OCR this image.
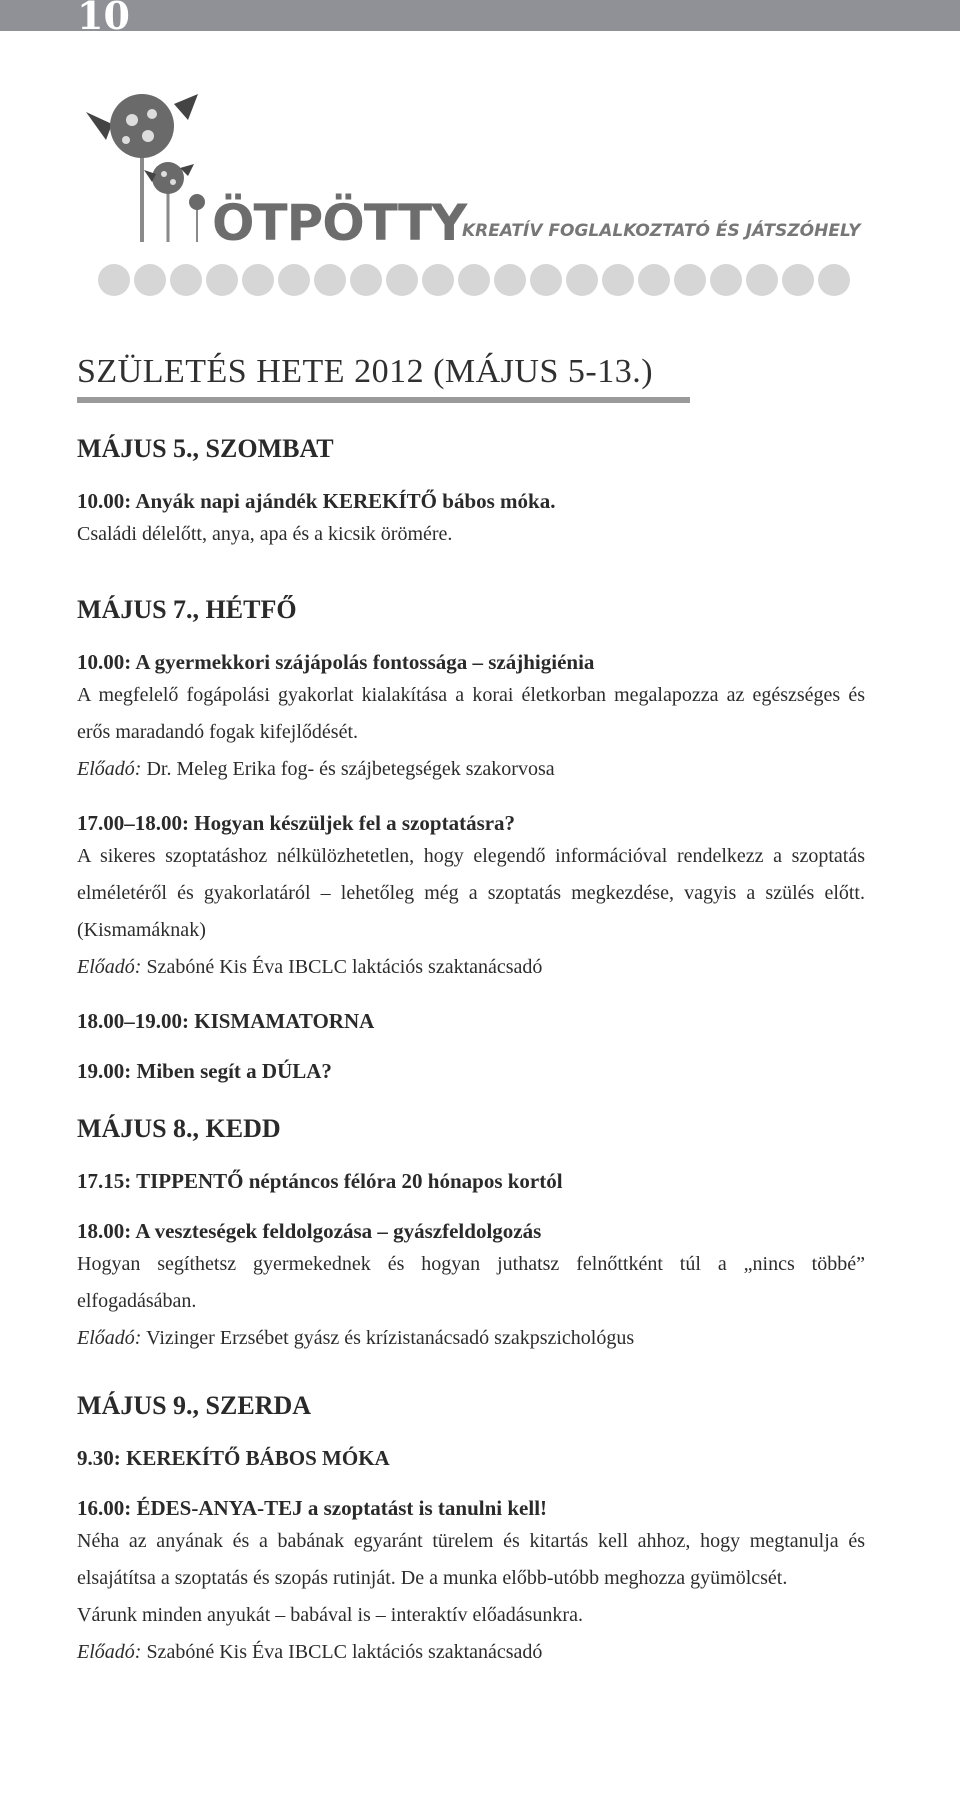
10
ÖTPÖTTY
KREATÍV FOGLALKOZTATÓ ÉS JÁTSZÓHELY
SZÜLETÉS HETE 2012 (MÁJUS 5-13.)
MÁJUS 5., SZOMBAT

10.00: Anyák napi ajándék KEREKÍTŐ bábos móka.

Családi délelőtt, anya, apa és a kicsik örömére.

MÁJUS 7., HÉTFŐ

10.00: A gyermekkori szájápolás fontossága – szájhigiénia

A megfelelő fogápolási gyakorlat kialakítása a korai életkorban megalapozza az egészséges és erős maradandó fogak kifejlődését.

Előadó: Dr. Meleg Erika fog- és szájbetegségek szakorvosa

17.00–18.00: Hogyan készüljek fel a szoptatásra?

A sikeres szoptatáshoz nélkülözhetetlen, hogy elegendő információval rendelkezz a szoptatás elméletéről és gyakorlatáról – lehetőleg még a szoptatás megkezdése, vagyis a szülés előtt. (Kismamáknak)

Előadó: Szabóné Kis Éva IBCLC laktációs szaktanácsadó

18.00–19.00: KISMAMATORNA

19.00: Miben segít a DÚLA?

MÁJUS 8., KEDD

17.15: TIPPENTŐ néptáncos félóra 20 hónapos kortól

18.00: A veszteségek feldolgozása – gyászfeldolgozás

Hogyan segíthetsz gyermekednek és hogyan juthatsz felnőttként túl a „nincs többé” elfogadásában.

Előadó: Vizinger Erzsébet gyász és krízistanácsadó szakpszichológus

MÁJUS 9., SZERDA

9.30: KEREKÍTŐ BÁBOS MÓKA

16.00: ÉDES-ANYA-TEJ a szoptatást is tanulni kell!

Néha az anyának és a babának egyaránt türelem és kitartás kell ahhoz, hogy megtanulja és elsajátítsa a szoptatás és szopás rutinját. De a munka előbb-utóbb meghozza gyümölcsét.

Várunk minden anyukát – babával is – interaktív előadásunkra.

Előadó: Szabóné Kis Éva IBCLC laktációs szaktanácsadó
